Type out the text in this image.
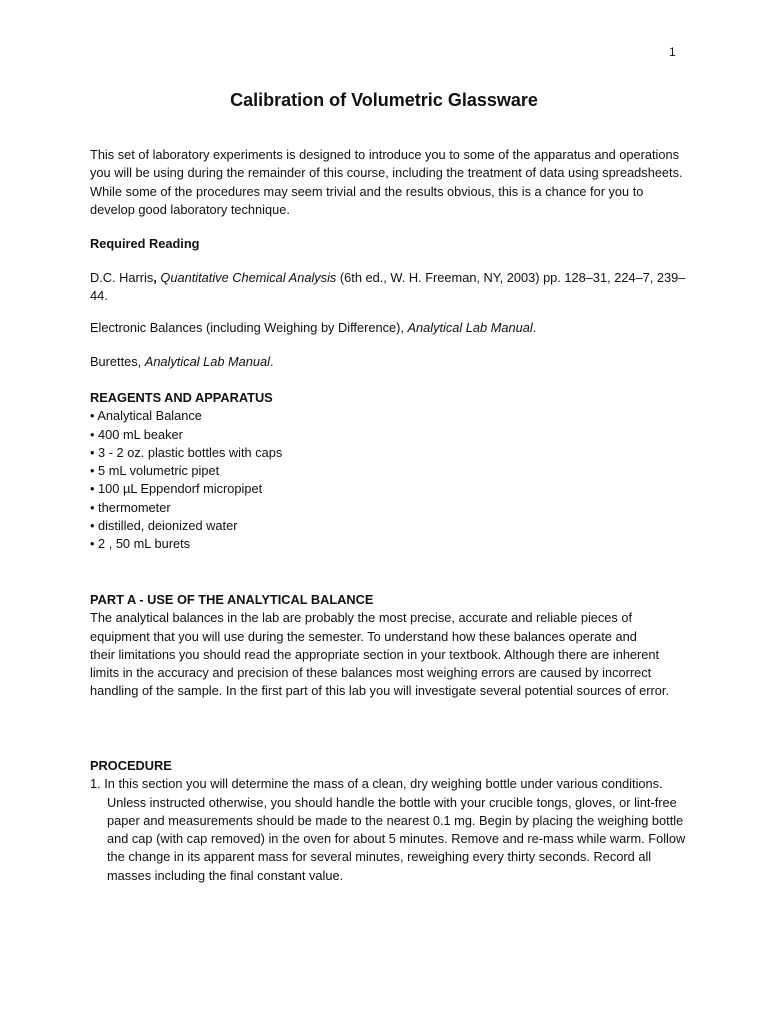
1
Calibration of Volumetric Glassware

This set of laboratory experiments is designed to introduce you to some of the apparatus and operations you will be using during the remainder of this course, including the treatment of data using spreadsheets. While some of the procedures may seem trivial and the results obvious, this is a chance for you to develop good laboratory technique.

Required Reading

D.C. Harris, Quantitative Chemical Analysis (6th ed., W. H. Freeman, NY, 2003) pp. 128–31, 224–7, 239–44.

Electronic Balances (including Weighing by Difference), Analytical Lab Manual.

Burettes, Analytical Lab Manual.

REAGENTS AND APPARATUS

• Analytical Balance
• 400 mL beaker
• 3 - 2 oz. plastic bottles with caps
• 5 mL volumetric pipet
• 100 µL Eppendorf micropipet
• thermometer
• distilled, deionized water
• 2 , 50 mL burets

PART A - USE OF THE ANALYTICAL BALANCE

The analytical balances in the lab are probably the most precise, accurate and reliable pieces of equipment that you will use during the semester. To understand how these balances operate and

their limitations you should read the appropriate section in your textbook. Although there are inherent limits in the accuracy and precision of these balances most weighing errors are caused by incorrect handling of the sample. In the first part of this lab you will investigate several potential sources of error.

PROCEDURE

1. In this section you will determine the mass of a clean, dry weighing bottle under various conditions. Unless instructed otherwise, you should handle the bottle with your crucible tongs, gloves, or lint-free paper and measurements should be made to the nearest 0.1 mg. Begin by placing the weighing bottle and cap (with cap removed) in the oven for about 5 minutes. Remove and re-mass while warm. Follow the change in its apparent mass for several minutes, reweighing every thirty seconds. Record all masses including the final constant value.
